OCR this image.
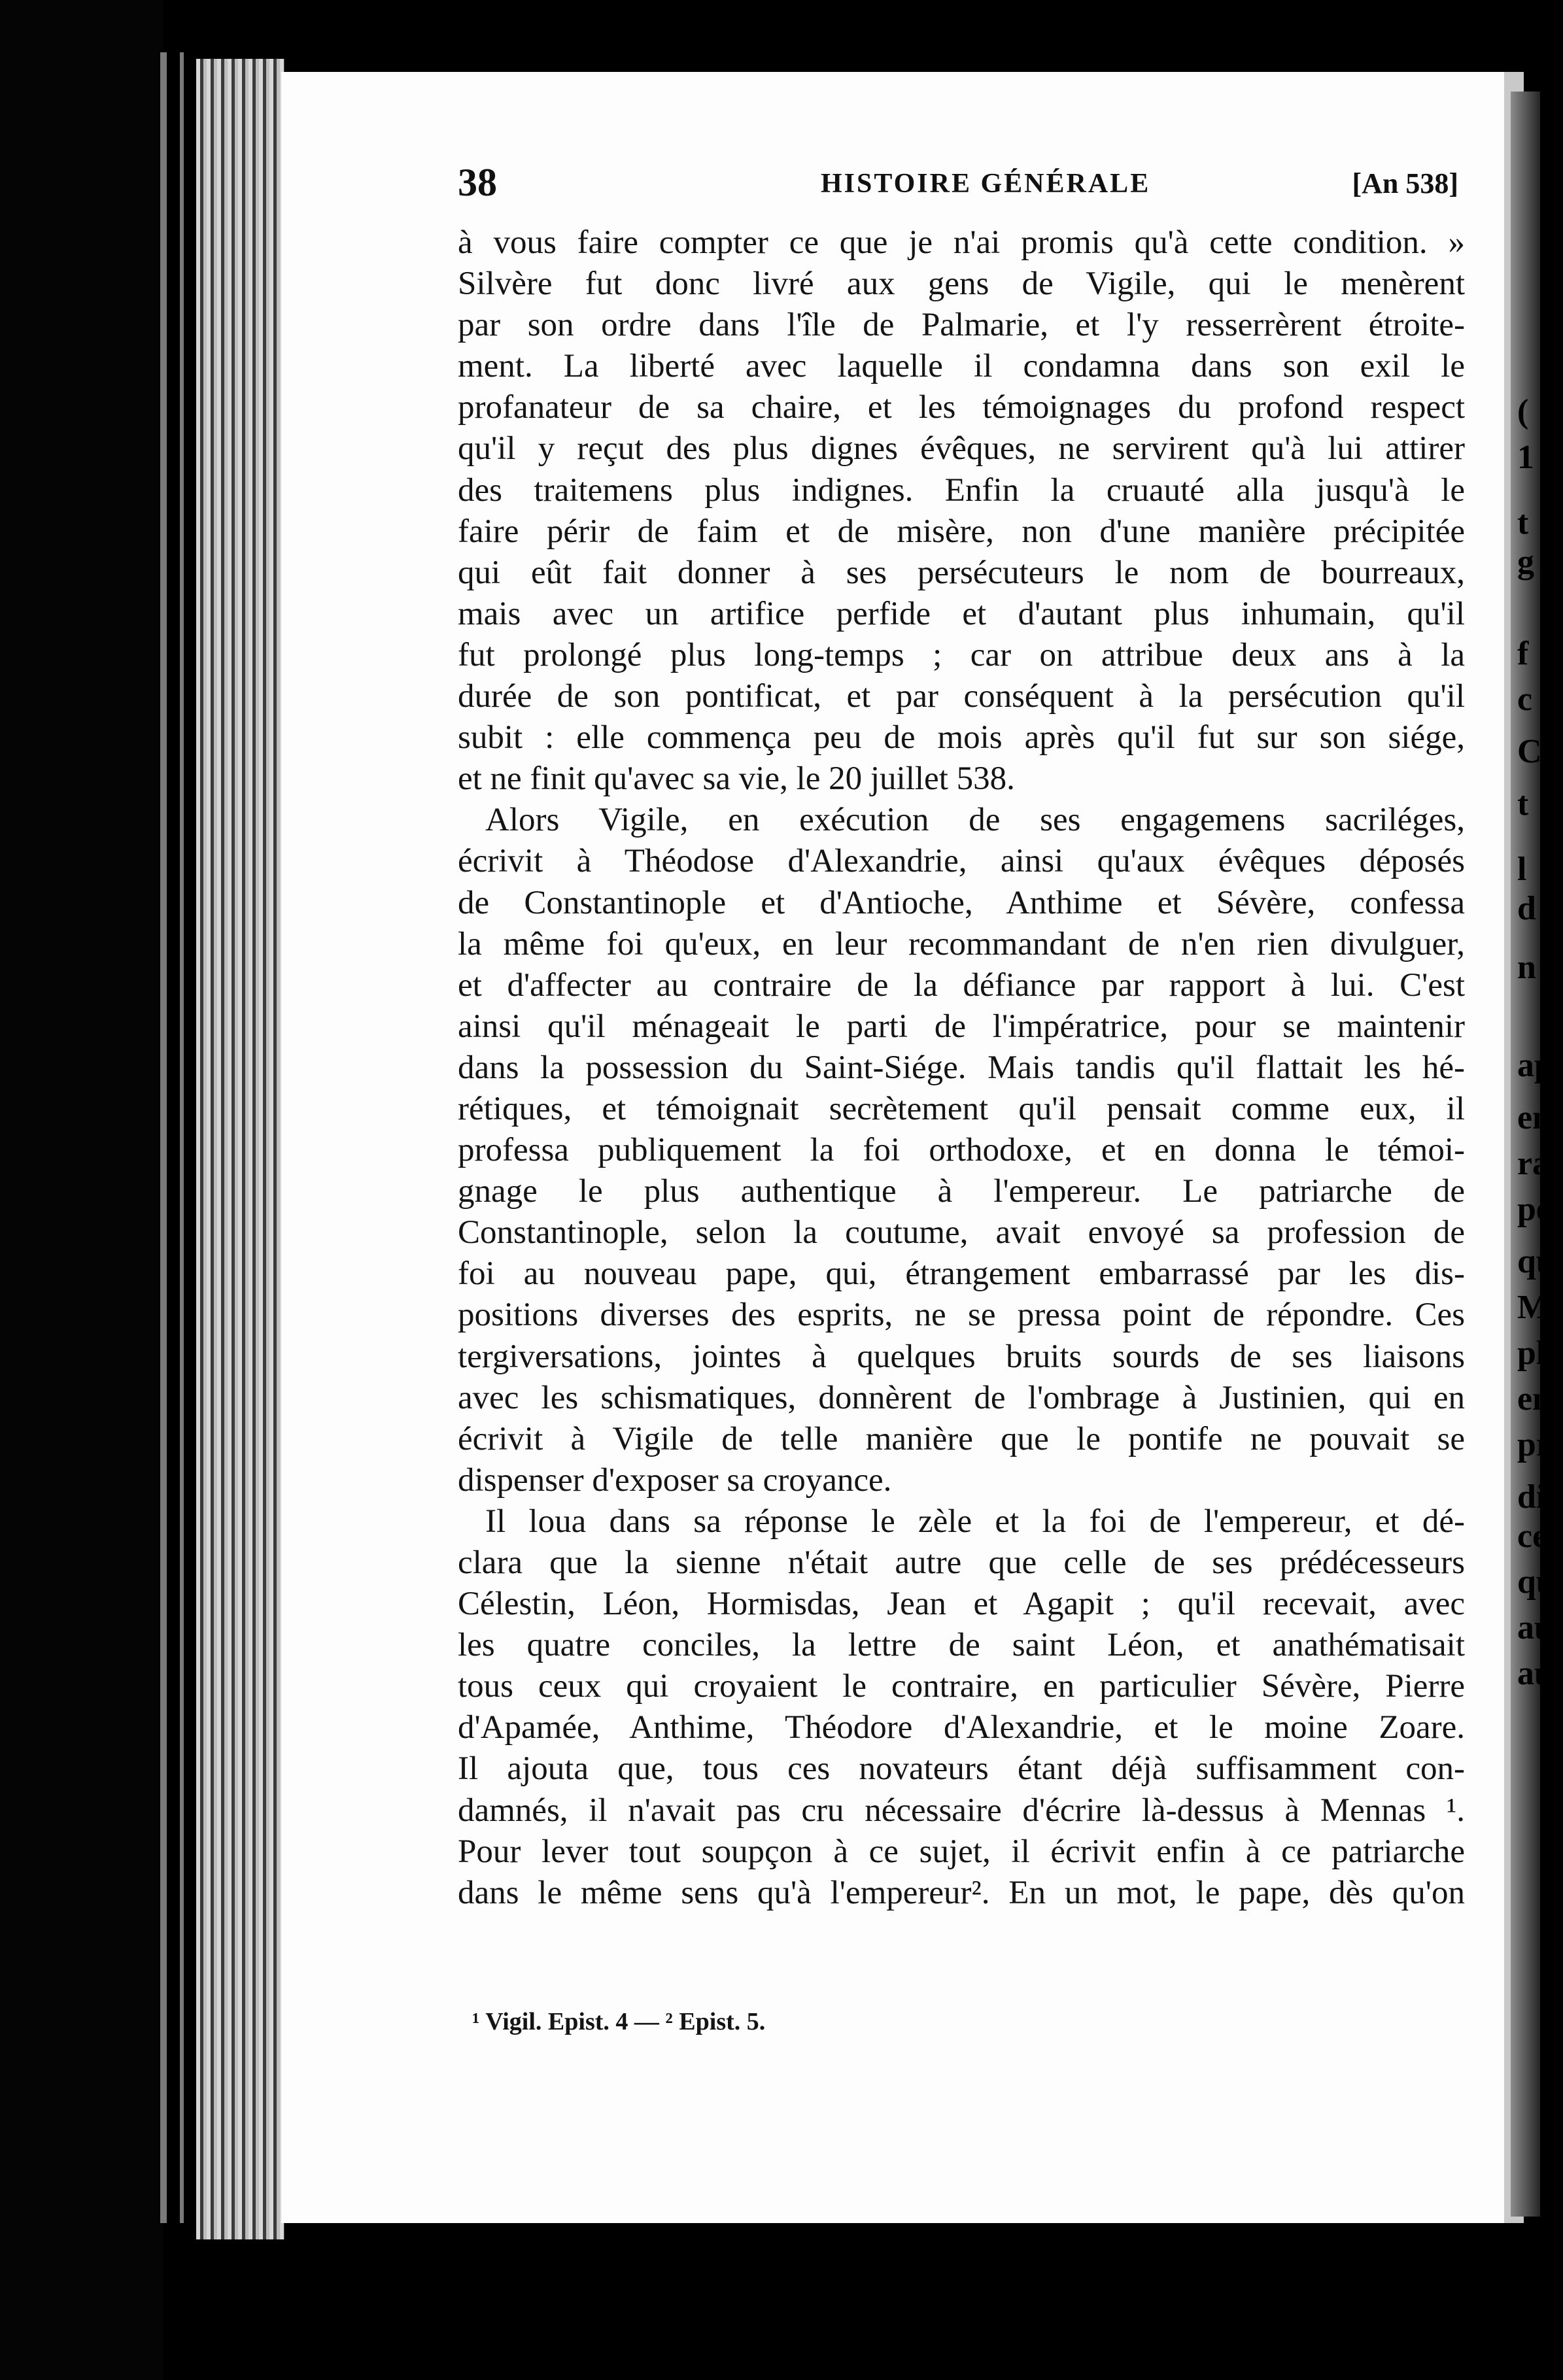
(
1
t
g
f
c
C
t
l
d
n
ap
en
ra
pe
qu
M
pl
en
pr
di
ce
qu
au
au
38	HISTOIRE GÉNÉRALE	[An 538]
à vous faire compter ce que je n'ai promis qu'à cette condition. »
Silvère fut donc livré aux gens de Vigile, qui le menèrent
par son ordre dans l'île de Palmarie, et l'y resserrèrent étroite-
ment. La liberté avec laquelle il condamna dans son exil le
profanateur de sa chaire, et les témoignages du profond respect
qu'il y reçut des plus dignes évêques, ne servirent qu'à lui attirer
des traitemens plus indignes. Enfin la cruauté alla jusqu'à le
faire périr de faim et de misère, non d'une manière précipitée
qui eût fait donner à ses persécuteurs le nom de bourreaux,
mais avec un artifice perfide et d'autant plus inhumain, qu'il
fut prolongé plus long-temps ; car on attribue deux ans à la
durée de son pontificat, et par conséquent à la persécution qu'il
subit : elle commença peu de mois après qu'il fut sur son siége,
et ne finit qu'avec sa vie, le 20 juillet 538.
Alors Vigile, en exécution de ses engagemens sacriléges,
écrivit à Théodose d'Alexandrie, ainsi qu'aux évêques déposés
de Constantinople et d'Antioche, Anthime et Sévère, confessa
la même foi qu'eux, en leur recommandant de n'en rien divulguer,
et d'affecter au contraire de la défiance par rapport à lui. C'est
ainsi qu'il ménageait le parti de l'impératrice, pour se maintenir
dans la possession du Saint-Siége. Mais tandis qu'il flattait les hé-
rétiques, et témoignait secrètement qu'il pensait comme eux, il
professa publiquement la foi orthodoxe, et en donna le témoi-
gnage le plus authentique à l'empereur. Le patriarche de
Constantinople, selon la coutume, avait envoyé sa profession de
foi au nouveau pape, qui, étrangement embarrassé par les dis-
positions diverses des esprits, ne se pressa point de répondre. Ces
tergiversations, jointes à quelques bruits sourds de ses liaisons
avec les schismatiques, donnèrent de l'ombrage à Justinien, qui en
écrivit à Vigile de telle manière que le pontife ne pouvait se
dispenser d'exposer sa croyance.
Il loua dans sa réponse le zèle et la foi de l'empereur, et dé-
clara que la sienne n'était autre que celle de ses prédécesseurs
Célestin, Léon, Hormisdas, Jean et Agapit ; qu'il recevait, avec
les quatre conciles, la lettre de saint Léon, et anathématisait
tous ceux qui croyaient le contraire, en particulier Sévère, Pierre
d'Apamée, Anthime, Théodore d'Alexandrie, et le moine Zoare.
Il ajouta que, tous ces novateurs étant déjà suffisamment con-
damnés, il n'avait pas cru nécessaire d'écrire là-dessus à Mennas ¹.
Pour lever tout soupçon à ce sujet, il écrivit enfin à ce patriarche
dans le même sens qu'à l'empereur². En un mot, le pape, dès qu'on
¹ Vigil. Epist. 4 — ² Epist. 5.
